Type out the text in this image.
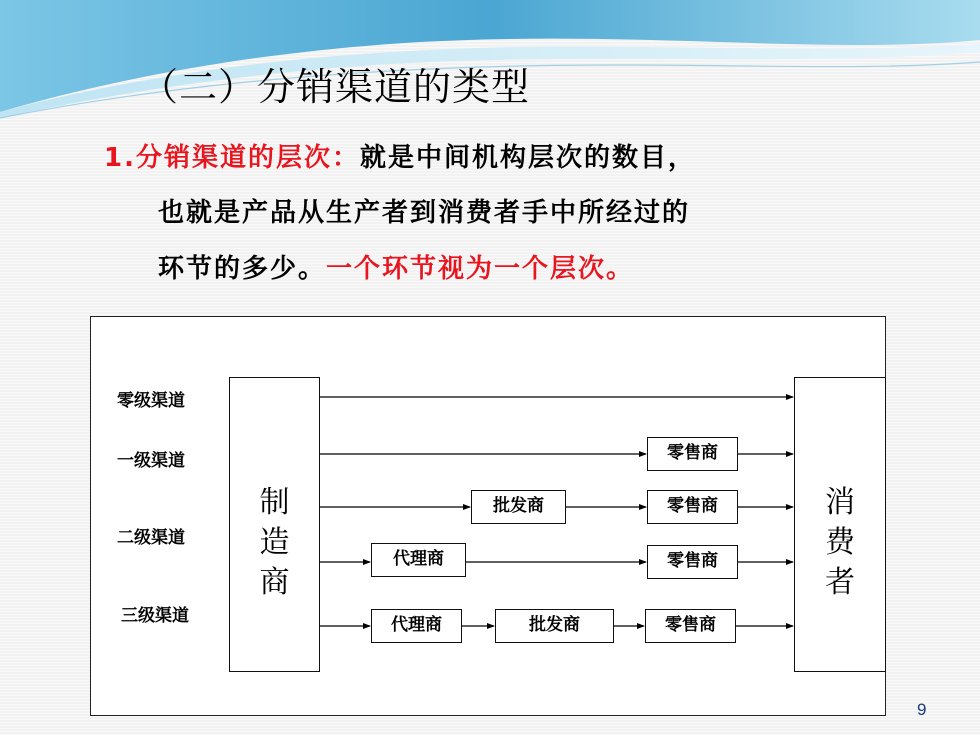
（二）分销渠道的类型
1.分销渠道的层次：就是中间机构层次的数目，
也就是产品从生产者到消费者手中所经过的
环节的多少。一个环节视为一个层次。
零级渠道
一级渠道
二级渠道
三级渠道
制
造
商
消
费
者
零售商
批发商	零售商
代理商	零售商
代理商	批发商	零售商
9
